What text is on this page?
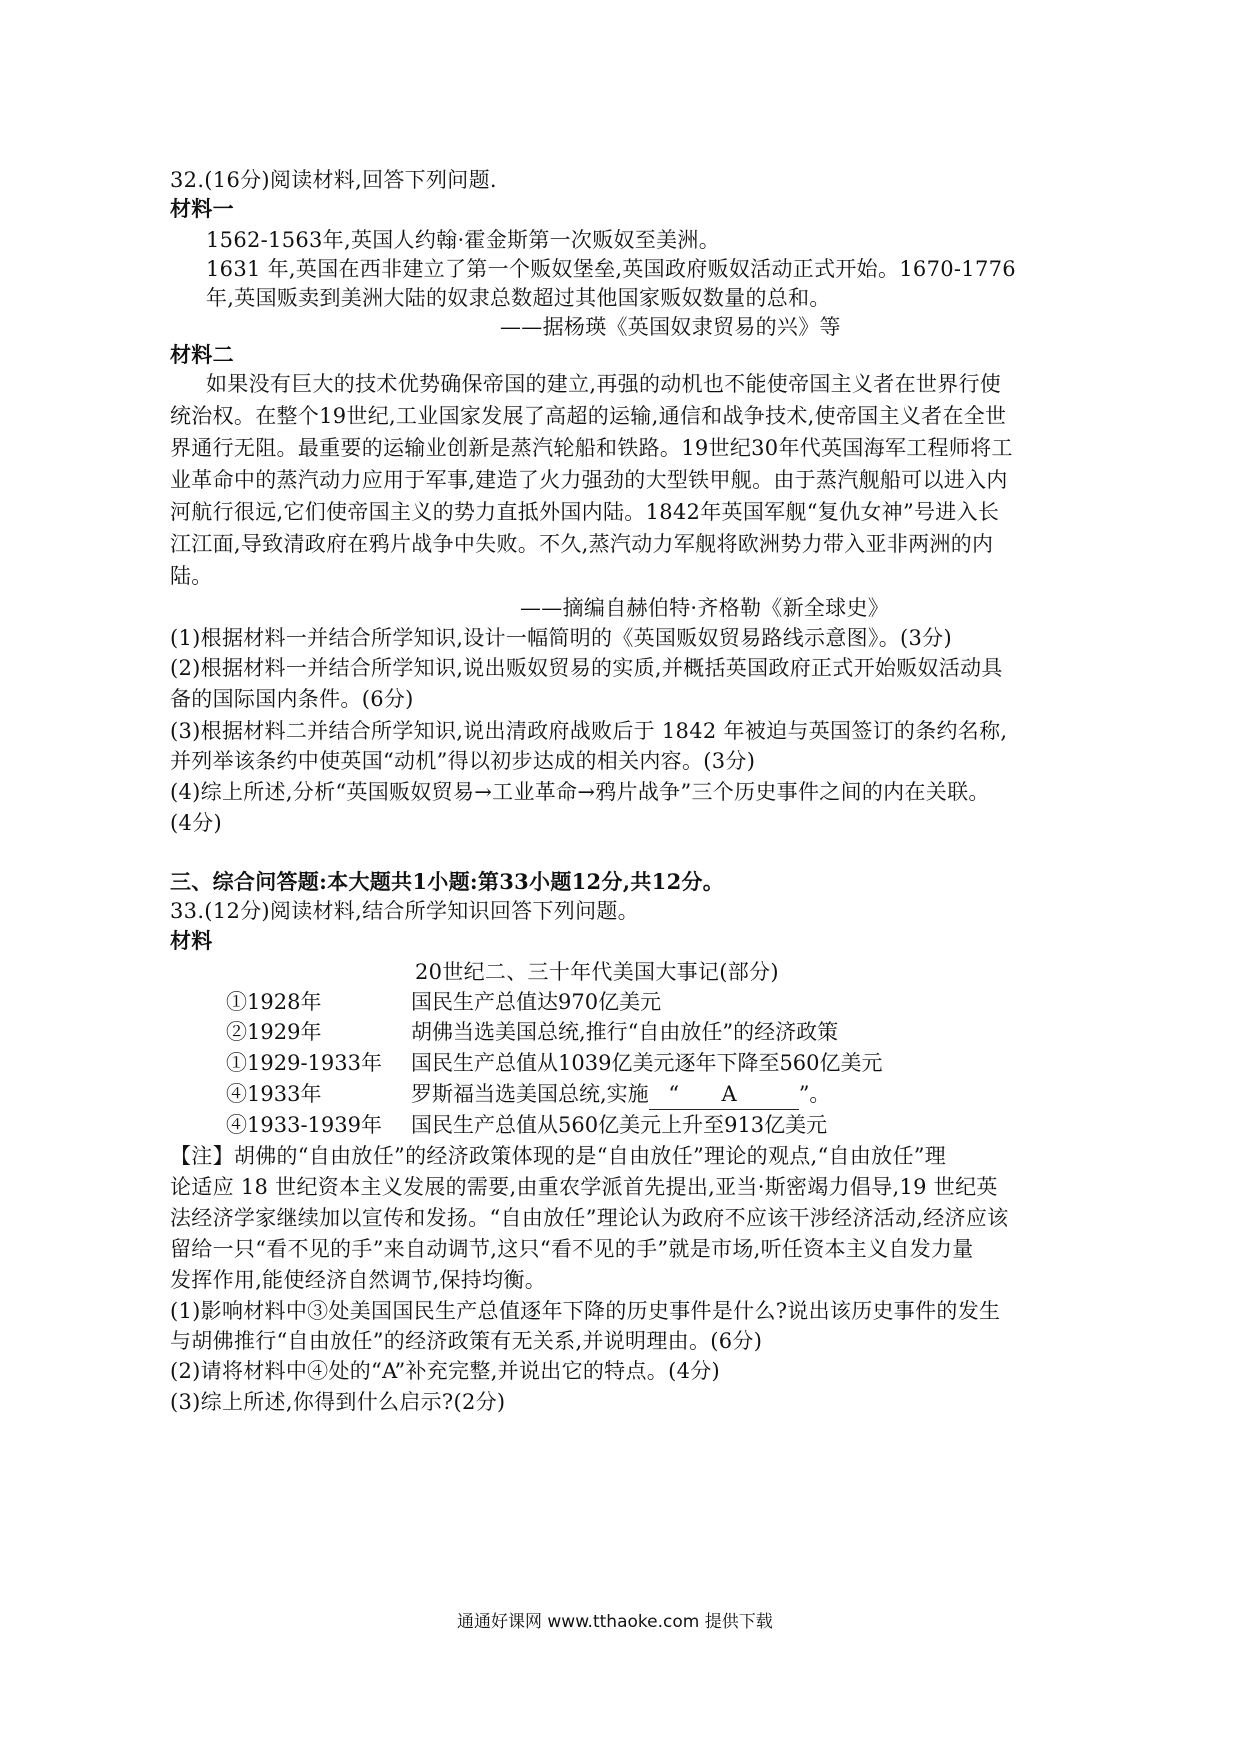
32.(16分)阅读材料,回答下列问题.
材料一
1562-1563年,英国人约翰·霍金斯第一次贩奴至美洲。
1631 年,英国在西非建立了第一个贩奴堡垒,英国政府贩奴活动正式开始。1670-1776
年,英国贩卖到美洲大陆的奴隶总数超过其他国家贩奴数量的总和。
——据杨瑛《英国奴隶贸易的兴》等
材料二
如果没有巨大的技术优势确保帝国的建立,再强的动机也不能使帝国主义者在世界行使
统治权。在整个19世纪,工业国家发展了高超的运输,通信和战争技术,使帝国主义者在全世
界通行无阻。最重要的运输业创新是蒸汽轮船和铁路。19世纪30年代英国海军工程师将工
业革命中的蒸汽动力应用于军事,建造了火力强劲的大型铁甲舰。由于蒸汽舰船可以进入内
河航行很远,它们使帝国主义的势力直抵外国内陆。1842年英国军舰“复仇女神”号进入长
江江面,导致清政府在鸦片战争中失败。不久,蒸汽动力军舰将欧洲势力带入亚非两洲的内
陆。
——摘编自赫伯特·齐格勒《新全球史》
(1)根据材料一并结合所学知识,设计一幅简明的《英国贩奴贸易路线示意图》。(3分)
(2)根据材料一并结合所学知识,说出贩奴贸易的实质,并概括英国政府正式开始贩奴活动具
备的国际国内条件。(6分)
(3)根据材料二并结合所学知识,说出清政府战败后于 1842 年被迫与英国签订的条约名称,
并列举该条约中使英国“动机”得以初步达成的相关内容。(3分)
(4)综上所述,分析“英国贩奴贸易→工业革命→鸦片战争”三个历史事件之间的内在关联。
(4分)
三、综合问答题:本大题共1小题:第33小题12分,共12分。
33.(12分)阅读材料,结合所学知识回答下列问题。
材料
20世纪二、三十年代美国大事记(部分)
①1928年	国民生产总值达970亿美元
②1929年	胡佛当选美国总统,推行“自由放任”的经济政策
①1929-1933年 国民生产总值从1039亿美元逐年下降至560亿美元
④1933年	罗斯福当选美国总统,实施 “ A	”。
④1933-1939年 国民生产总值从560亿美元上升至913亿美元
【注】胡佛的“自由放任”的经济政策体现的是“自由放任”理论的观点,“自由放任”理
论适应 18 世纪资本主义发展的需要,由重农学派首先提出,亚当·斯密竭力倡导,19 世纪英
法经济学家继续加以宣传和发扬。“自由放任”理论认为政府不应该干涉经济活动,经济应该
留给一只“看不见的手”来自动调节,这只“看不见的手”就是市场,听任资本主义自发力量
发挥作用,能使经济自然调节,保持均衡。
(1)影响材料中③处美国国民生产总值逐年下降的历史事件是什么?说出该历史事件的发生
与胡佛推行“自由放任”的经济政策有无关系,并说明理由。(6分)
(2)请将材料中④处的“A”补充完整,并说出它的特点。(4分)
(3)综上所述,你得到什么启示?(2分)
通通好课网 www.tthaoke.com 提供下载
